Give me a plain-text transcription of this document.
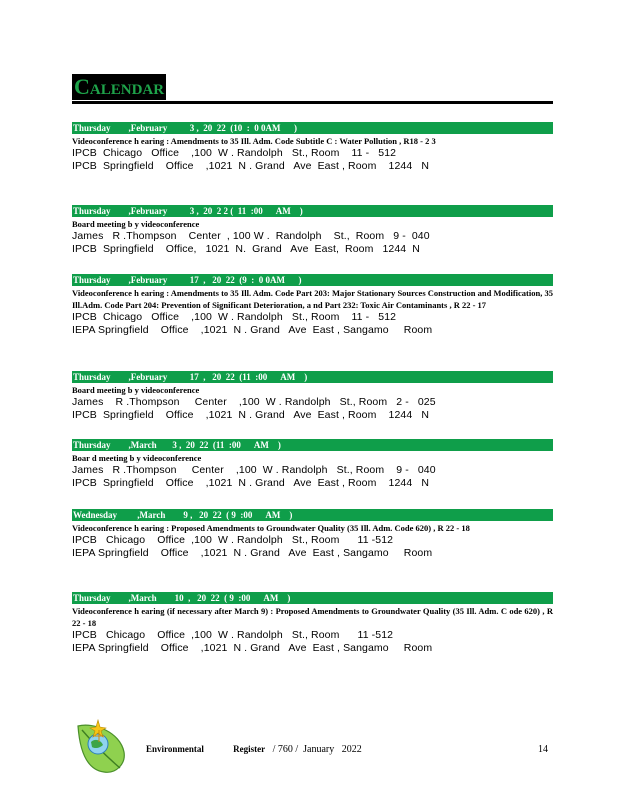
Calendar
Thursday        ,February          3 ,  20  22  (10  :  0 0AM      )
Videoconference h earing : Amendments to 35 Ill. Adm. Code Subtitle C : Water Pollution , R18 - 2 3
IPCB  Chicago   Office    ,100  W . Randolph   St., Room    11 -   512
IPCB  Springfield    Office    ,1021  N . Grand   Ave  East , Room    1244   N
Thursday        ,February          3 ,  20  2 2 (  11  :00      AM    )
Board meeting b y videoconference
James   R .Thompson    Center  , 100 W .  Randolph    St.,  Room   9 -  040
IPCB  Springfield    Office,   1021  N.  Grand   Ave  East,  Room   1244  N
Thursday        ,February          17  ,   20  22  (9  :  0 0AM      )
Videoconference h earing : Amendments to 35 Ill. Adm. Code Part 203: Major Stationary Sources Construction and Modification, 35 Ill.Adm. Code Part 204: Prevention of Significant Deterioration, a nd Part 232: Toxic Air Contaminants , R 22 - 17
IPCB  Chicago   Office    ,100  W . Randolph   St., Room    11 -   512
IEPA Springfield    Office    ,1021  N . Grand   Ave  East , Sangamo     Room
Thursday        ,February          17  ,   20  22  (11  :00      AM    )
Board meeting b y videoconference
James    R .Thompson     Center    ,100  W . Randolph   St., Room   2 -   025
IPCB  Springfield    Office    ,1021  N . Grand   Ave  East , Room    1244   N
Thursday        ,March       3 ,  20  22  (11  :00      AM    )
Boar d meeting b y videoconference
James   R .Thompson     Center    ,100  W . Randolph   St., Room    9 -   040
IPCB  Springfield    Office    ,1021  N . Grand   Ave  East , Room    1244   N
Wednesday         ,March        9 ,   20  22  ( 9  :00      AM    )
Videoconference h earing : Proposed Amendments to Groundwater Quality (35 Ill. Adm. Code 620) , R 22 - 18
IPCB   Chicago    Office  ,100  W . Randolph   St., Room      11 -512
IEPA Springfield    Office    ,1021  N . Grand   Ave  East , Sangamo     Room
Thursday        ,March        10  ,   20  22  ( 9  :00      AM    )
Videoconference h earing (if necessary after March 9) : Proposed Amendments to Groundwater Quality (35 Ill. Adm. C ode 620) , R 22 - 18
IPCB   Chicago    Office  ,100  W . Randolph   St., Room      11 -512
IEPA Springfield    Office    ,1021  N . Grand   Ave  East , Sangamo     Room
Environmental             Register / 760 /  January   2022	14
